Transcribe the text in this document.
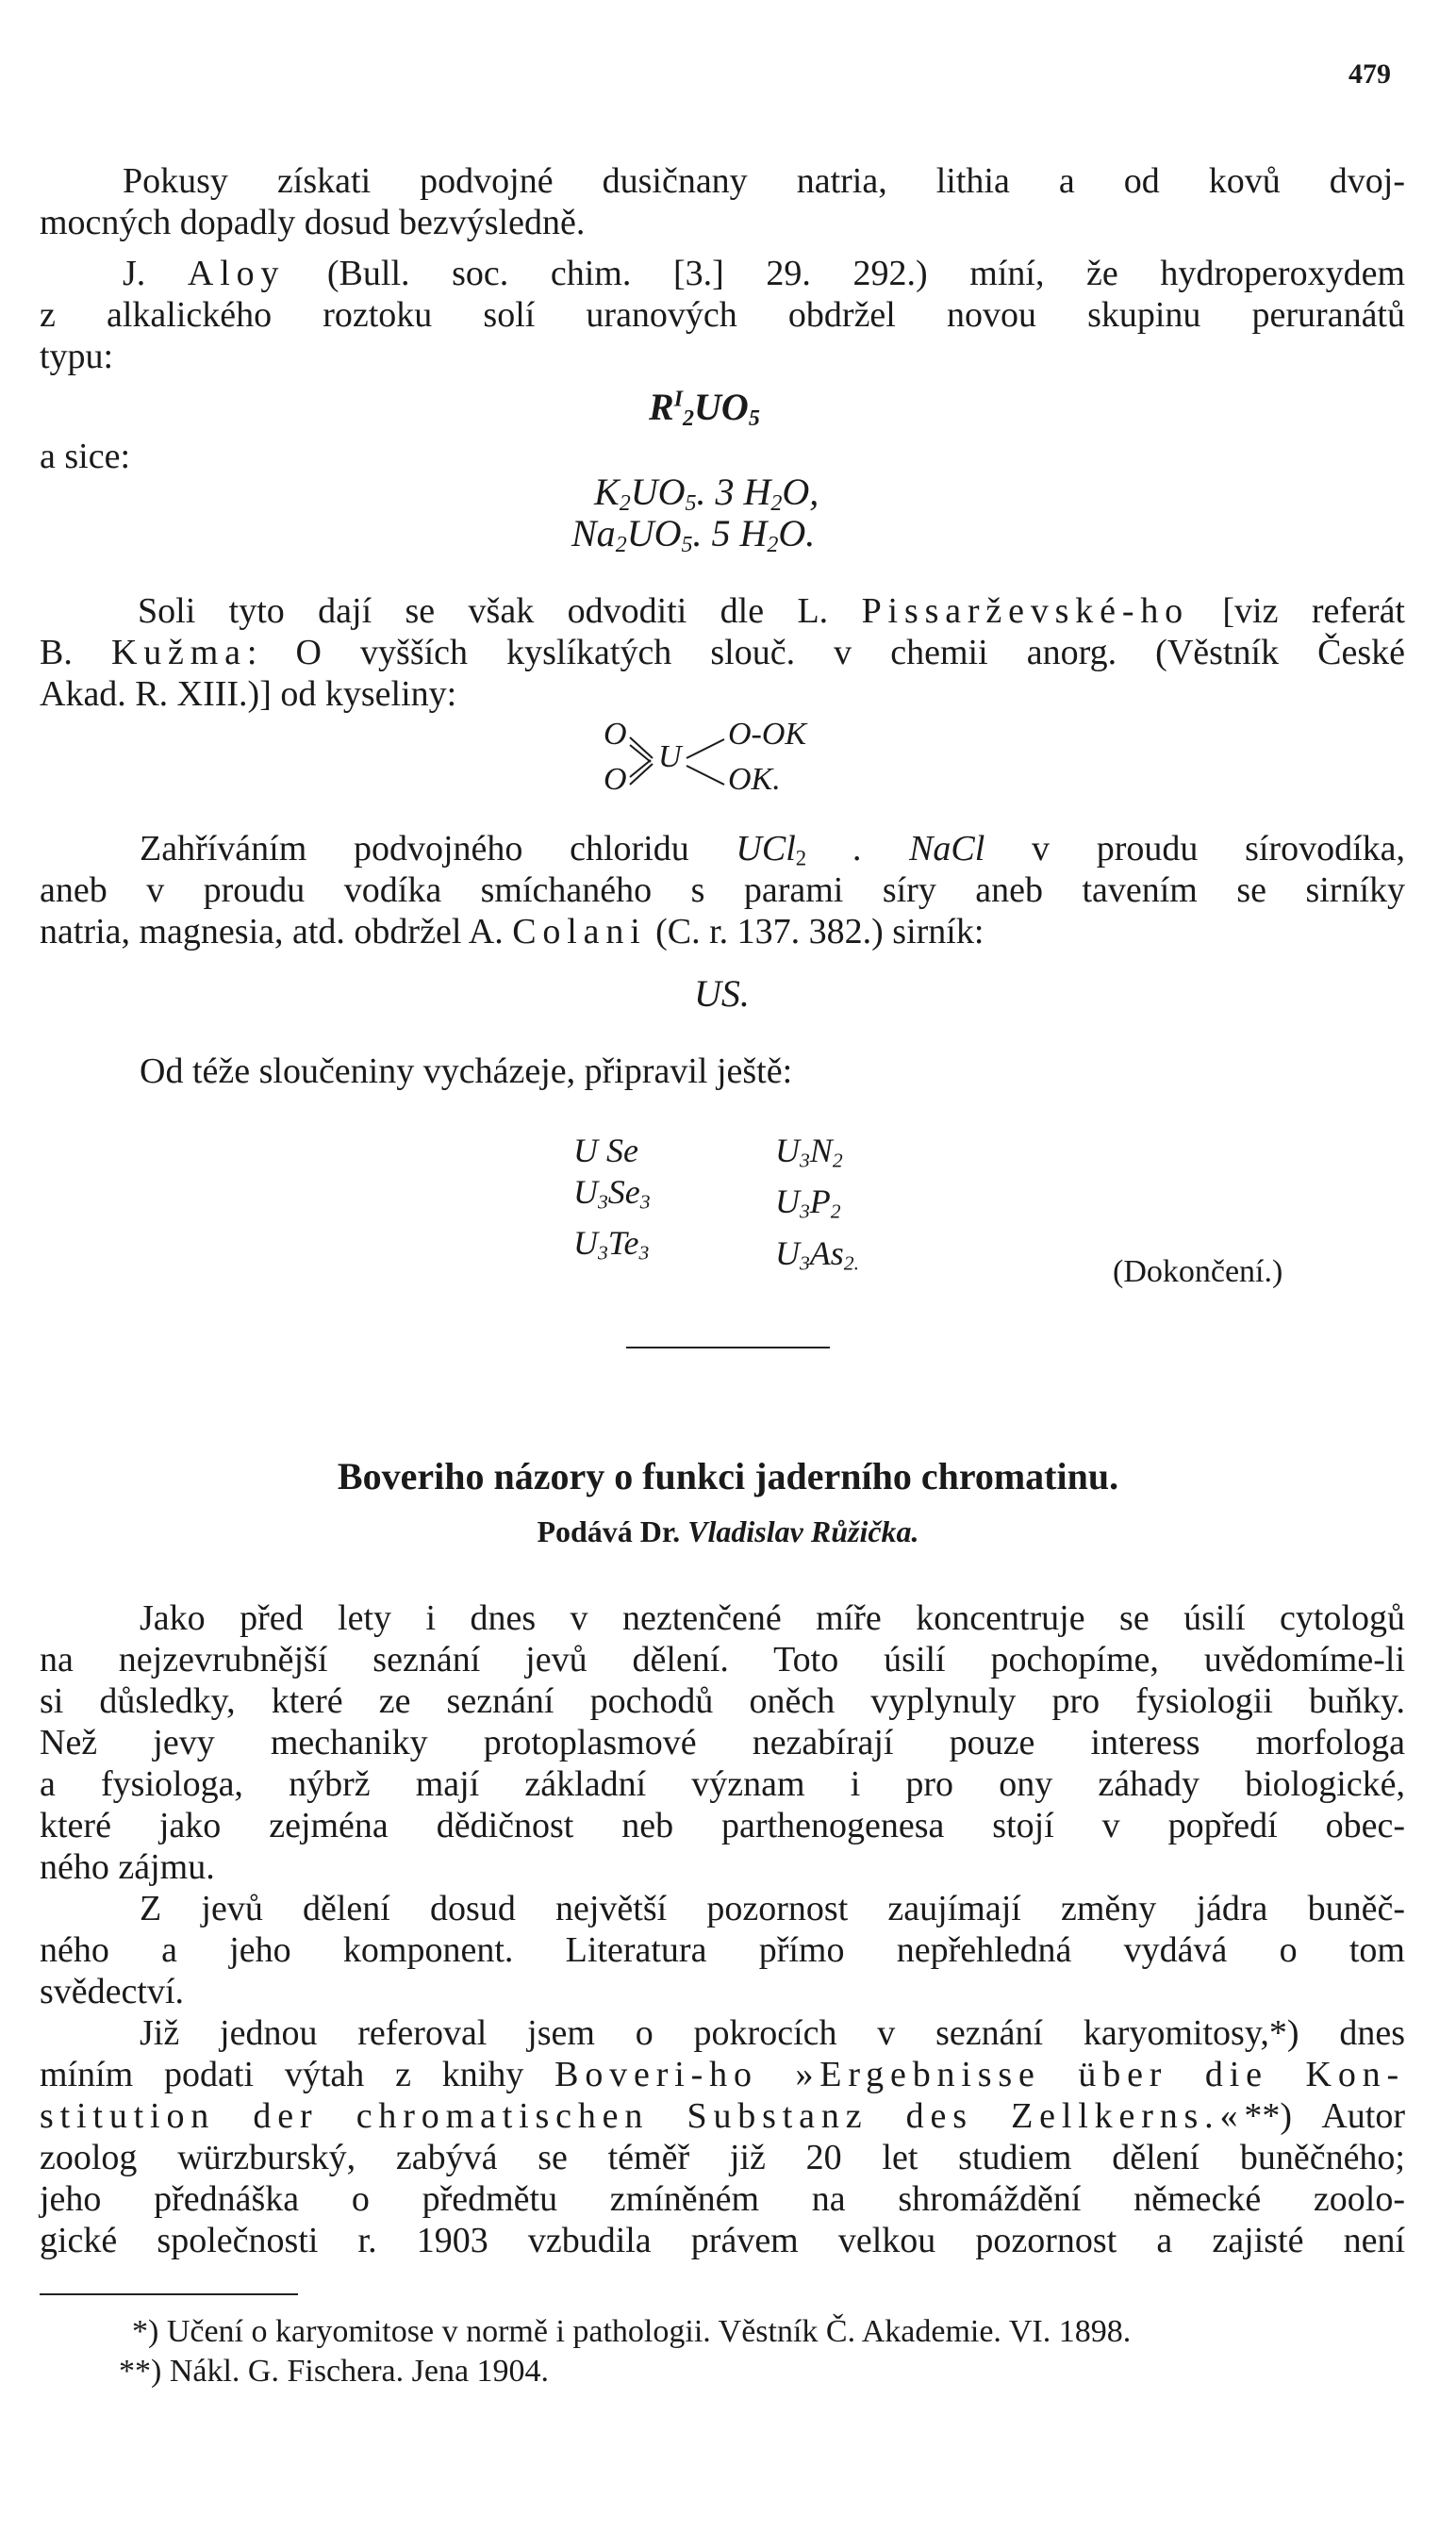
479

Pokusy získati podvojné dusičnany natria, lithia a od kovů dvoj-

mocných dopadly dosud bezvýsledně.

J. Aloy (Bull. soc. chim. [3.] 29. 292.) míní, že hydroperoxydem

z alkalického roztoku solí uranových obdržel novou skupinu peruranátů

typu:

$R^I_2UO_5$

a sice:

$K_2UO_5$. 3 $H_2O$,
$Na_2UO_5$. 5 $H_2O$.

Soli tyto dají se však odvoditi dle L. Pissarževské-ho [viz referát

B. Kužma: O vyšších kyslíkatých slouč. v chemii anorg. (Věstník České

Akad. R. XIII.)] od kyseliny:

O
O
U
O-OK
OK.

Zahříváním podvojného chloridu UCl$_2$ . NaCl v proudu sírovodíka,

aneb v proudu vodíka smíchaného s parami síry aneb tavením se sirníky

natria, magnesia, atd. obdržel A. Colani (C. r. 137. 382.) sirník:

US.

Od téže sloučeniny vycházeje, připravil ještě:

U Se
$U_3Se_3$
$U_3Te_3$
$U_3N_2$
$U_3P_2$
$U_3As_{2.}$	(Dokončení.)
Boveriho názory o funkci jaderního chromatinu.
Podává Dr. Vladislav Růžička.
Jako před lety i dnes v neztenčené míře koncentruje se úsilí cytologů
na nejzevrubnější seznání jevů dělení. Toto úsilí pochopíme, uvědomíme-li
si důsledky, které ze seznání pochodů oněch vyplynuly pro fysiologii buňky.
Než jevy mechaniky protoplasmové nezabírají pouze interess morfologa
a fysiologa, nýbrž mají základní význam i pro ony záhady biologické,
které jako zejména dědičnost neb parthenogenesa stojí v popředí obec-
ného zájmu.
Z jevů dělení dosud největší pozornost zaujímají změny jádra buněč-
ného a jeho komponent. Literatura přímo nepřehledná vydává o tom
svědectví.
Již jednou referoval jsem o pokrocích v seznání karyomitosy,*) dnes
míním podati výtah z knihy Boveri-ho »Ergebnisse über die Kon-
stitution der chromatischen Substanz des Zellkerns.«**) Autor
zoolog würzburský, zabývá se téměř již 20 let studiem dělení buněčného;
jeho přednáška o předmětu zmíněném na shromáždění německé zoolo-
gické společnosti r. 1903 vzbudila právem velkou pozornost a zajisté není
*) Učení o karyomitose v normě i pathologii. Věstník Č. Akademie. VI. 1898.
**) Nákl. G. Fischera. Jena 1904.
